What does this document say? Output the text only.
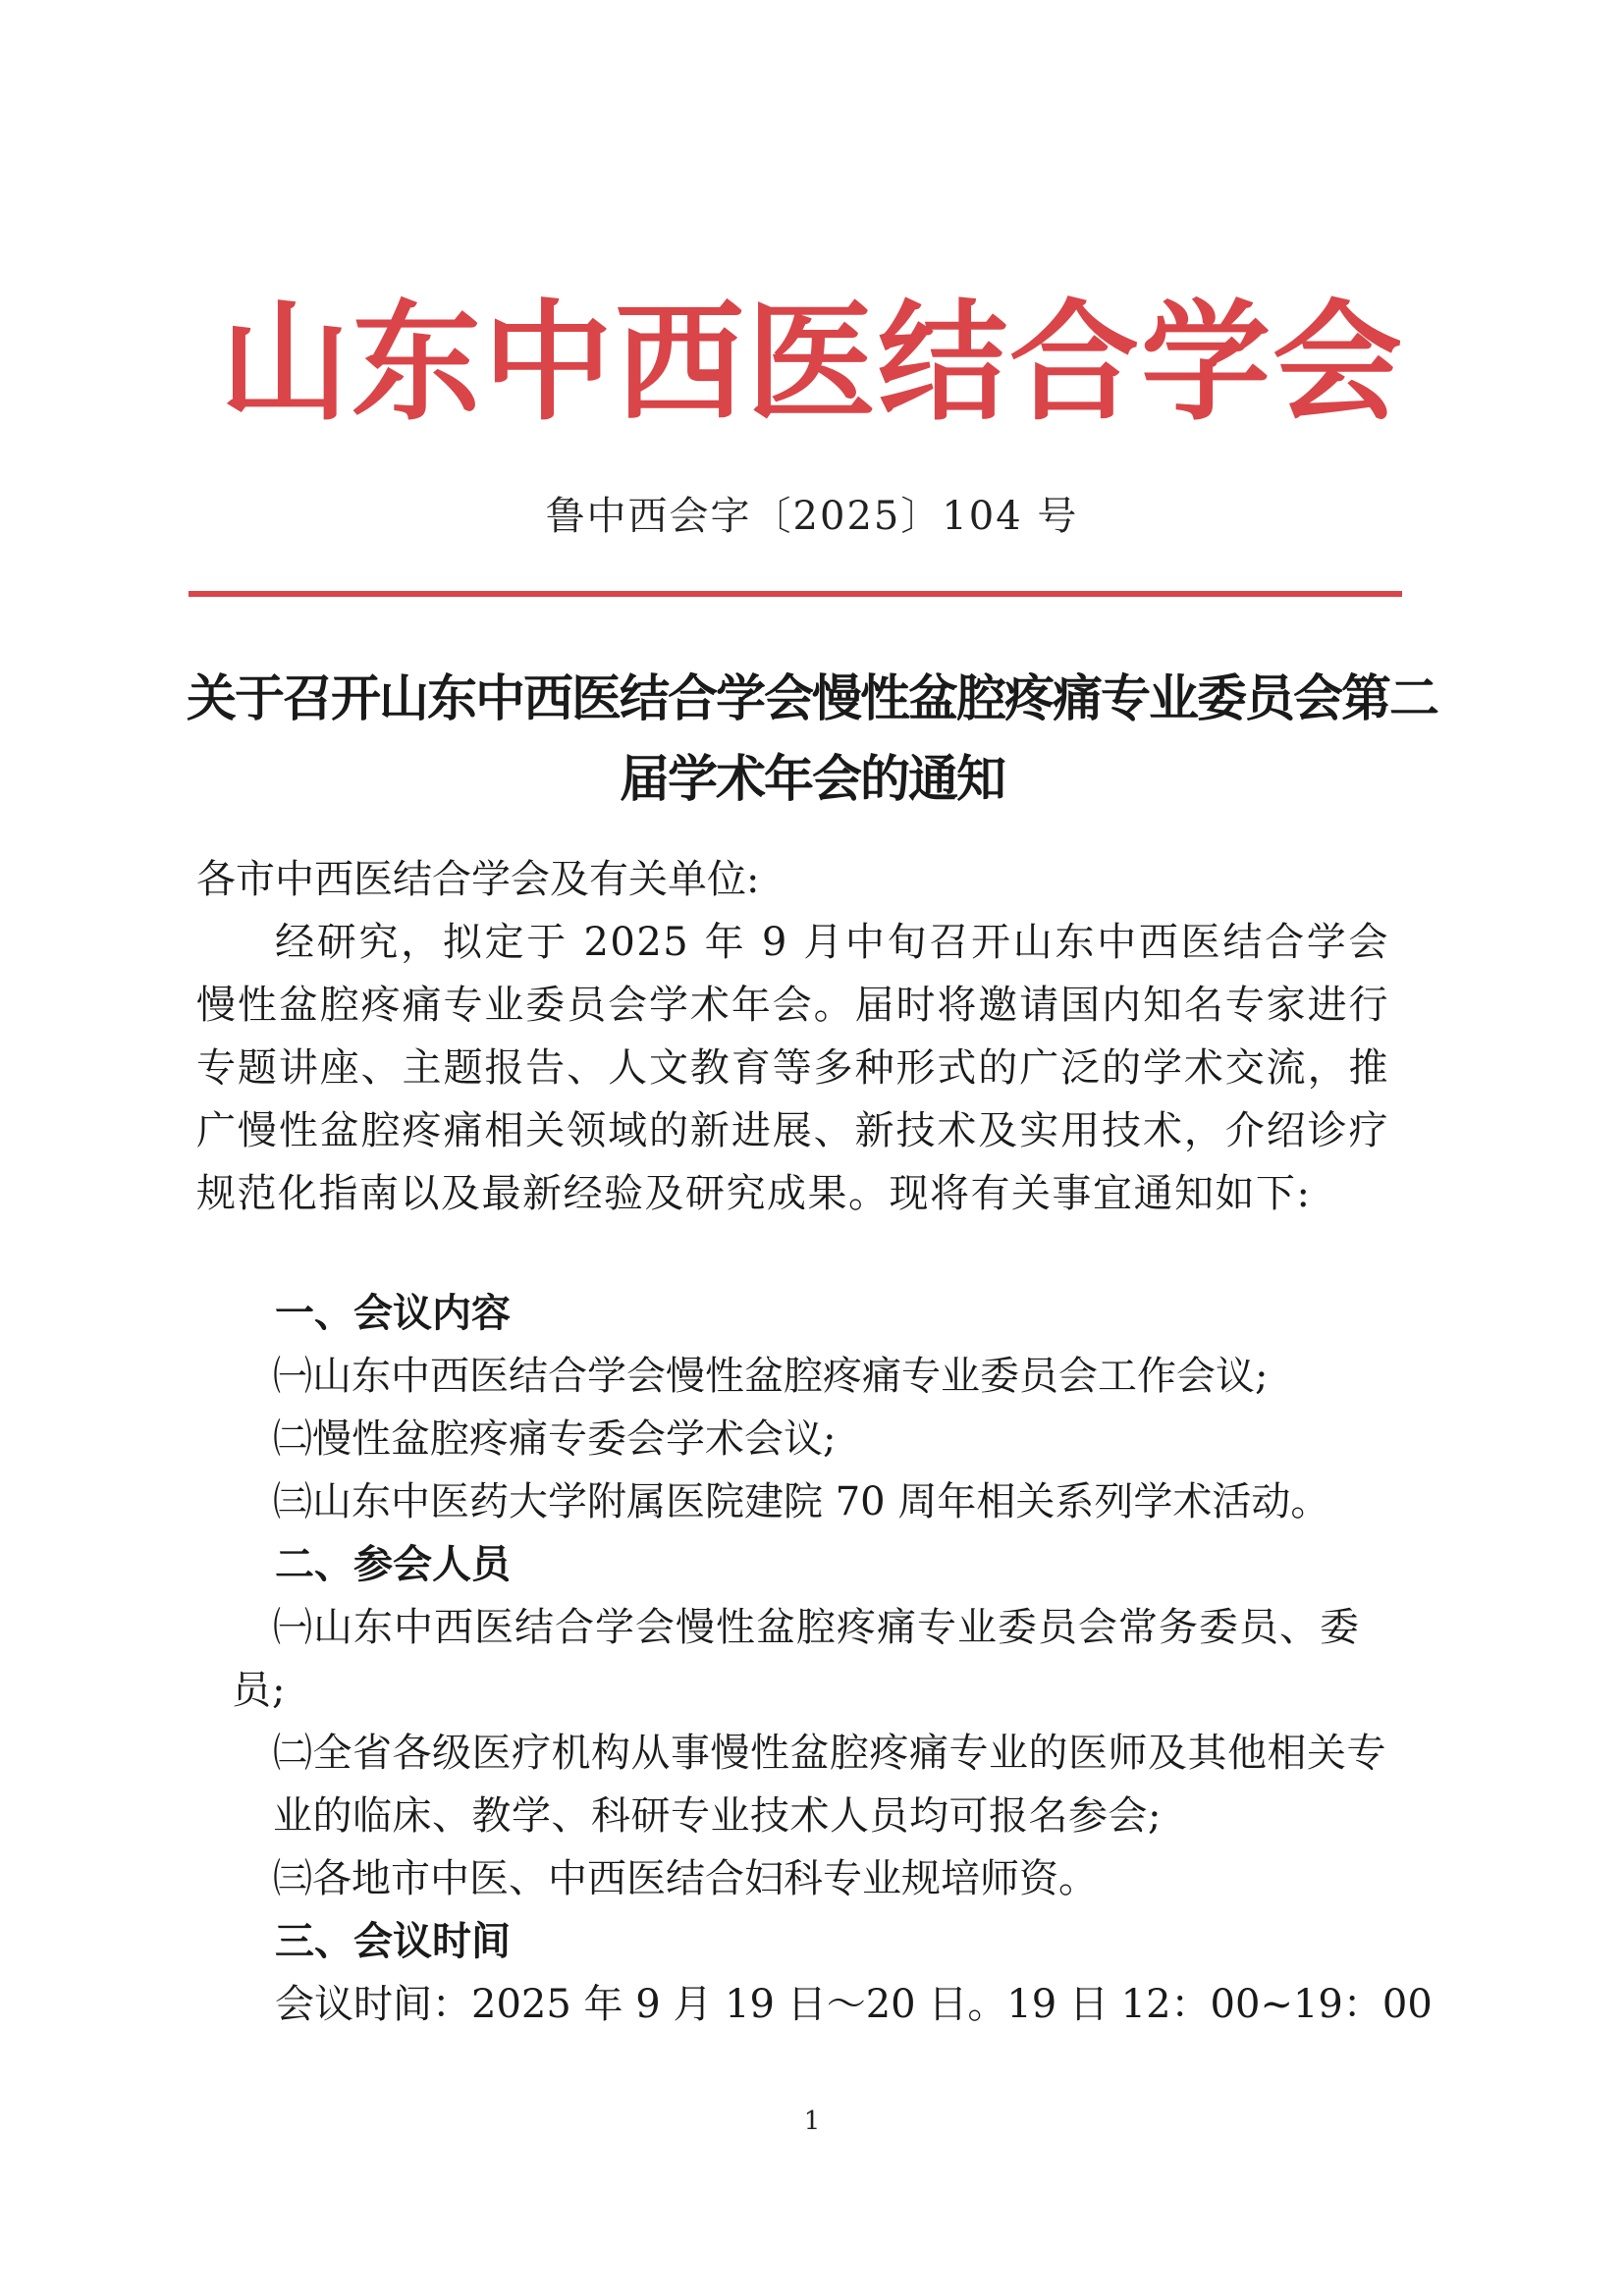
山东中西医结合学会
鲁中西会字〔2025〕104 号
关于召开山东中西医结合学会慢性盆腔疼痛专业委员会第二届学术年会的通知
各市中西医结合学会及有关单位:
经研究，拟定于 2025 年 9 月中旬召开山东中西医结合学会慢性盆腔疼痛专业委员会学术年会。届时将邀请国内知名专家进行专题讲座、主题报告、人文教育等多种形式的广泛的学术交流，推广慢性盆腔疼痛相关领域的新进展、新技术及实用技术，介绍诊疗规范化指南以及最新经验及研究成果。现将有关事宜通知如下:
一、会议内容
㈠山东中西医结合学会慢性盆腔疼痛专业委员会工作会议;
㈡慢性盆腔疼痛专委会学术会议;
㈢山东中医药大学附属医院建院 70 周年相关系列学术活动。
二、参会人员
㈠山东中西医结合学会慢性盆腔疼痛专业委员会常务委员、委员;
㈡全省各级医疗机构从事慢性盆腔疼痛专业的医师及其他相关专业的临床、教学、科研专业技术人员均可报名参会;
㈢各地市中医、中西医结合妇科专业规培师资。
三、会议时间
会议时间：2025 年 9 月 19 日～20 日。19 日 12：00~19：00
1
